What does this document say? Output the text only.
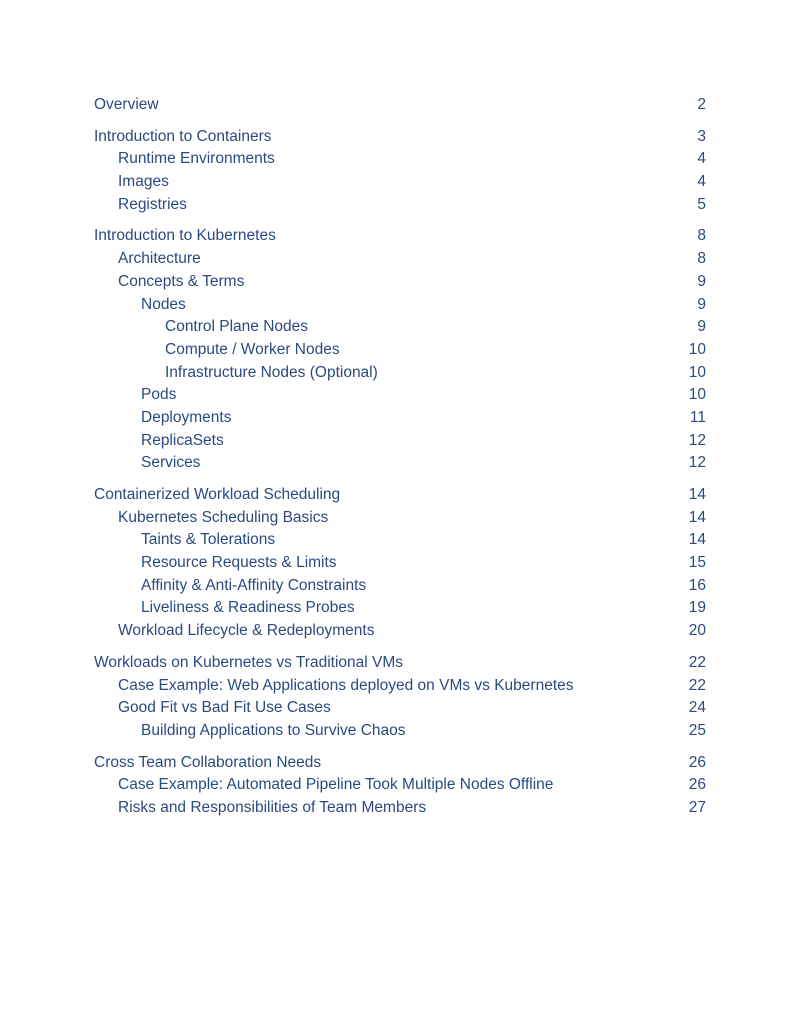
Overview	2
Introduction to Containers	3
Runtime Environments	4
Images	4
Registries	5
Introduction to Kubernetes	8
Architecture	8
Concepts & Terms	9
Nodes	9
Control Plane Nodes	9
Compute / Worker Nodes	10
Infrastructure Nodes (Optional)	10
Pods	10
Deployments	11
ReplicaSets	12
Services	12
Containerized Workload Scheduling	14
Kubernetes Scheduling Basics	14
Taints & Tolerations	14
Resource Requests & Limits	15
Affinity & Anti-Affinity Constraints	16
Liveliness & Readiness Probes	19
Workload Lifecycle & Redeployments	20
Workloads on Kubernetes vs Traditional VMs	22
Case Example: Web Applications deployed on VMs vs Kubernetes	22
Good Fit vs Bad Fit Use Cases	24
Building Applications to Survive Chaos	25
Cross Team Collaboration Needs	26
Case Example: Automated Pipeline Took Multiple Nodes Offline	26
Risks and Responsibilities of Team Members	27
